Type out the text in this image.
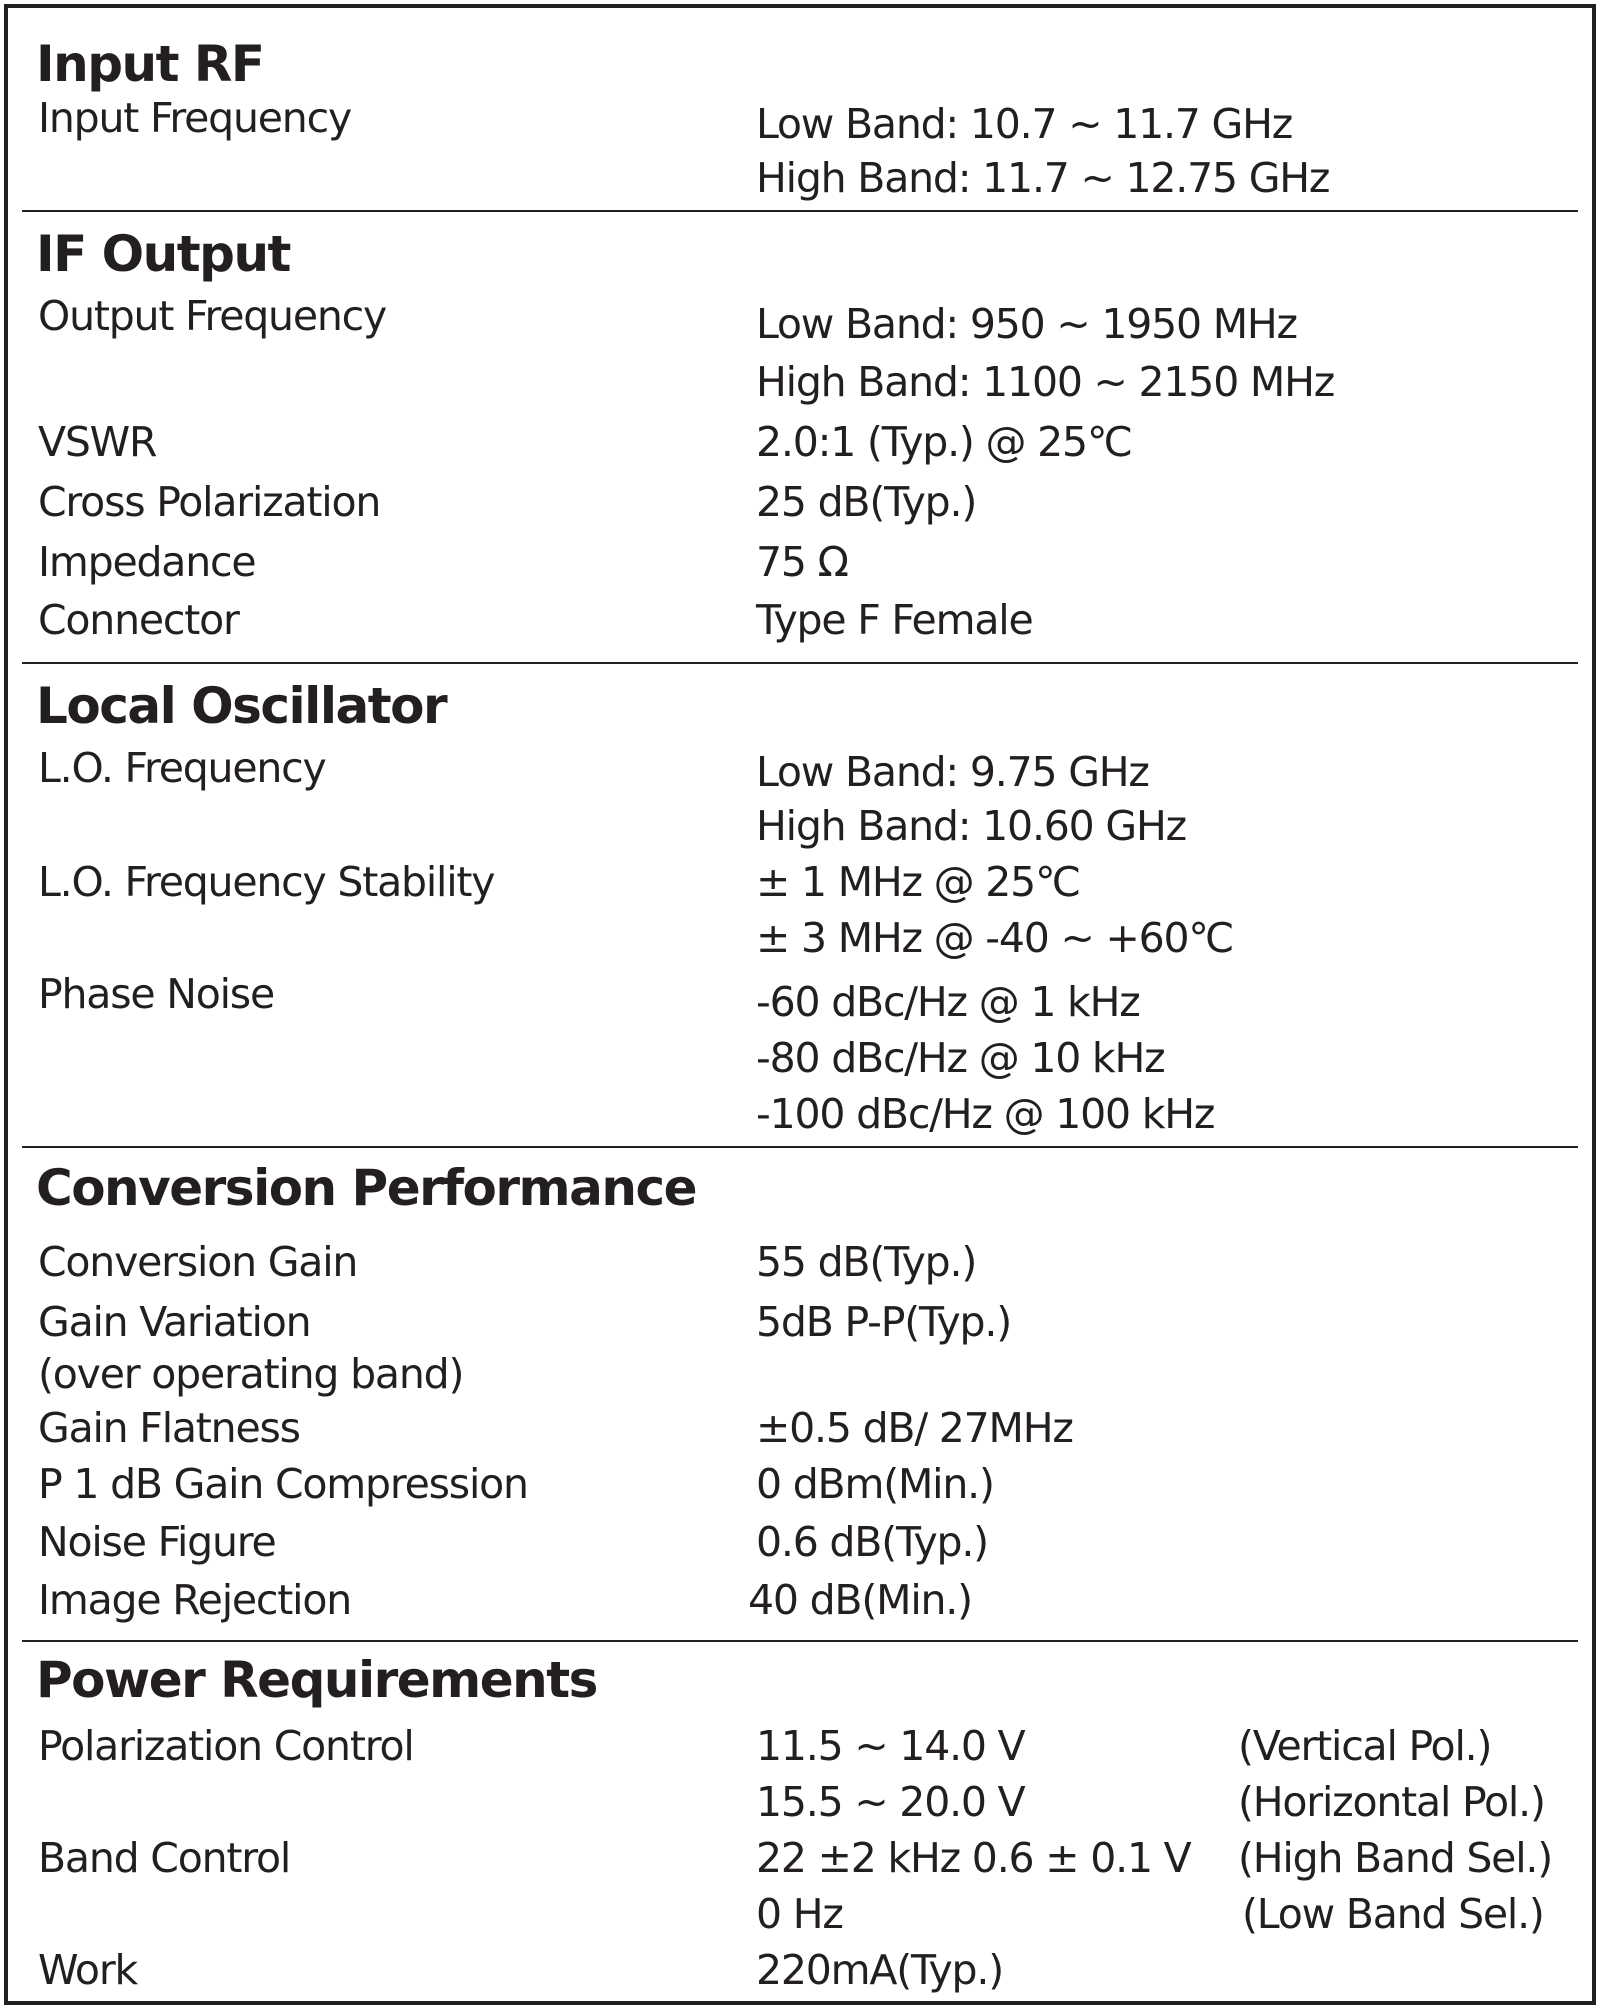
Input RF
Input Frequency	Low Band: 10.7 ~ 11.7 GHz
High Band: 11.7 ~ 12.75 GHz
IF Output
Output Frequency	Low Band: 950 ~ 1950 MHz
High Band: 1100 ~ 2150 MHz
VSWR	2.0:1 (Typ.) @ 25℃
Cross Polarization	25 dB(Typ.)
Impedance	75 Ω
Connector	Type F Female
Local Oscillator
L.O. Frequency	Low Band: 9.75 GHz
High Band: 10.60 GHz
L.O. Frequency Stability	± 1 MHz @ 25℃
± 3 MHz @ -40 ~ +60℃
Phase Noise	-60 dBc/Hz @ 1 kHz
-80 dBc/Hz @ 10 kHz
-100 dBc/Hz @ 100 kHz
Conversion Performance
Conversion Gain	55 dB(Typ.)
Gain Variation	5dB P-P(Typ.)
(over operating band)
Gain Flatness	±0.5 dB/ 27MHz
P 1 dB Gain Compression	0 dBm(Min.)
Noise Figure	0.6 dB(Typ.)
Image Rejection	40 dB(Min.)
Power Requirements
Polarization Control	11.5 ~ 14.0 V	(Vertical Pol.)
15.5 ~ 20.0 V	(Horizontal Pol.)
Band Control	22 ±2 kHz 0.6 ± 0.1 V (High Band Sel.)
0 Hz	(Low Band Sel.)
Work	220mA(Typ.)
